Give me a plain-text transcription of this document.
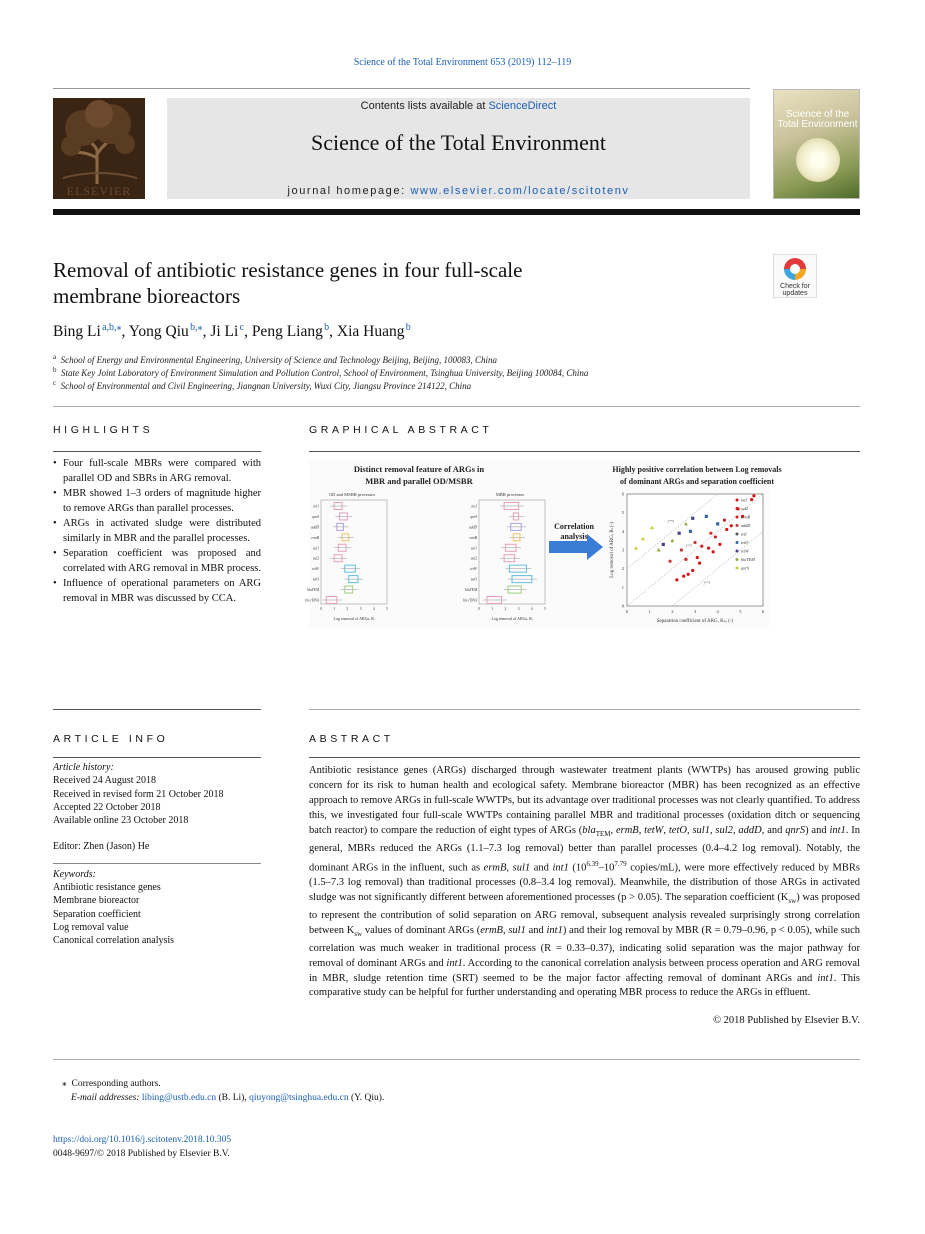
Science of the Total Environment 653 (2019) 112–119
ELSEVIER
Contents lists available at ScienceDirect
Science of the Total Environment
journal homepage: www.elsevier.com/locate/scitotenv
Science of the
Total Environment
Removal of antibiotic resistance genes in four full-scale membrane bioreactors	Check for
updates
Bing Li $^{a,b,⁎}$, Yong Qiu $^{b,⁎}$, Ji Li $^c$, Peng Liang $^b$, Xia Huang $^b$
$^a$  School of Energy and Environmental Engineering, University of Science and Technology Beijing, Beijing, 100083, China
$^b$  State Key Joint Laboratory of Environment Simulation and Pollution Control, School of Environment, Tsinghua University, Beijing 100084, China
$^c$  School of Environmental and Civil Engineering, Jiangnan University, Wuxi City, Jiangsu Province 214122, China
HIGHLIGHTS
• Four full-scale MBRs were compared with parallel OD and SBRs in ARG removal.
• MBR showed 1–3 orders of magnitude higher to remove ARGs than parallel processes.
• ARGs in activated sludge were distributed similarly in MBR and the parallel processes.
• Separation coefficient was proposed and correlated with ARG removal in MBR process.
• Influence of operational parameters on ARG removal in MBR was discussed by CCA.
GRAPHICAL ABSTRACT
Distinct removal feature of ARGs in
MBR and parallel OD/MSBR
OD and MSBR processes
int1
qnrS
addD
ermB
sul1
sul2
tetW
tetO
blaTEM
16s rDNA
0	1	2	3	4	5
Log removal of ARGs, Rₗ
MBR processes
int1
qnrS
addD
ermB
sul1
sul2
tetW
tetO
blaTEM
16s rDNA
0	1	2	3	4	5
Log removal of ARGs, Rₗ
Correlation
analysis
Highly positive correlation between Log removals
of dominant ARGs and separation coefficient
y=x
y=x
y=x
0	1	2	3	4	5	6
0
1
2
3
4
5
6
intI
sul2
ermB
addD
tetI
tetO
tetW
blaTEM
qnrS
Separation coefficient of ARG, Kₛᵥ (-)
Log removal of ARG, Rₗ (-)
ARTICLE INFO
Article history:
Received 24 August 2018
Received in revised form 21 October 2018
Accepted 22 October 2018
Available online 23 October 2018
Editor: Zhen (Jason) He
Keywords:
Antibiotic resistance genes
Membrane bioreactor
Separation coefficient
Log removal value
Canonical correlation analysis
ABSTRACT
Antibiotic resistance genes (ARGs) discharged through wastewater treatment plants (WWTPs) has aroused growing public concern for its risk to human health and ecological safety. Membrane bioreactor (MBR) has been recognized as an effective approach to remove ARGs in full-scale WWTPs, but its advantage over traditional processes was not clearly quantified. To address this, we investigated four full-scale WWTPs containing parallel MBR and traditional processes (oxidation ditch or sequencing batch reactor) to compare the reduction of eight types of ARGs (bla$_{TEM}$, ermB, tetW, tetO, sul1, sul2, addD, and qnrS) and int1. In general, MBRs reduced the ARGs (1.1–7.3 log removal) better than parallel processes (0.4–4.2 log removal). Notably, the dominant ARGs in the influent, such as ermB, sul1 and int1 ($10^{6.39}-10^{7.79}$ copies/mL), were more effectively reduced by MBRs (1.5–7.3 log removal) than traditional processes (0.8–3.4 log removal). Meanwhile, the distribution of those ARGs in activated sludge was not significantly different between aforementioned processes (p > 0.05). The separation coefficient $(K_{sw})$ was proposed to represent the contribution of solid separation on ARG removal, subsequent analysis revealed surprisingly strong correlation between $K_{sw}$ values of dominant ARGs (ermB, sul1 and int1) and their log removal by MBR (R = 0.79–0.96, p < 0.05), while such correlation was much weaker in traditional process (R = 0.33–0.37), indicating solid separation was the major pathway for removal of dominant ARGs and int1. According to the canonical correlation analysis between process operation and ARG removal in MBR, sludge retention time (SRT) seemed to be the major factor affecting removal of dominant ARGs and int1. This comparative study can be helpful for further understanding and operating MBR process to reduce the ARGs in effluent.
© 2018 Published by Elsevier B.V.
⁎  Corresponding authors.
E-mail addresses: libing@ustb.edu.cn (B. Li), qiuyong@tsinghua.edu.cn (Y. Qiu).
https://doi.org/10.1016/j.scitotenv.2018.10.305
0048-9697/© 2018 Published by Elsevier B.V.
